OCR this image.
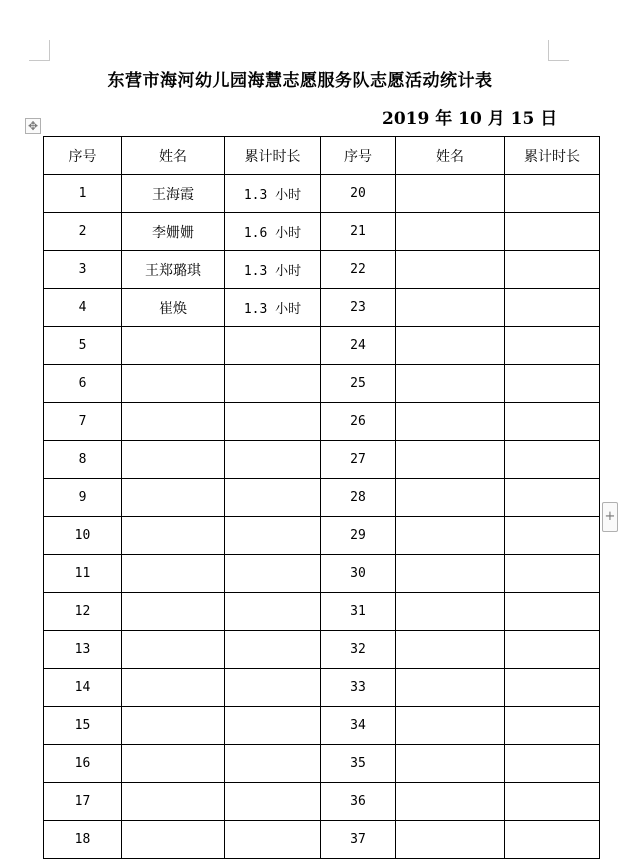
东营市海河幼儿园海慧志愿服务队志愿活动统计表
2019 年 10 月 15 日
✥
+
序号	姓名	累计时长	序号	姓名	累计时长
1	王海霞	1.3 小时	20		
2	李姗姗	1.6 小时	21		
3	王郑璐琪	1.3 小时	22		
4	崔焕	1.3 小时	23		
5			24		
6			25		
7			26		
8			27		
9			28		
10			29		
11			30		
12			31		
13			32		
14			33		
15			34		
16			35		
17			36		
18			37		
